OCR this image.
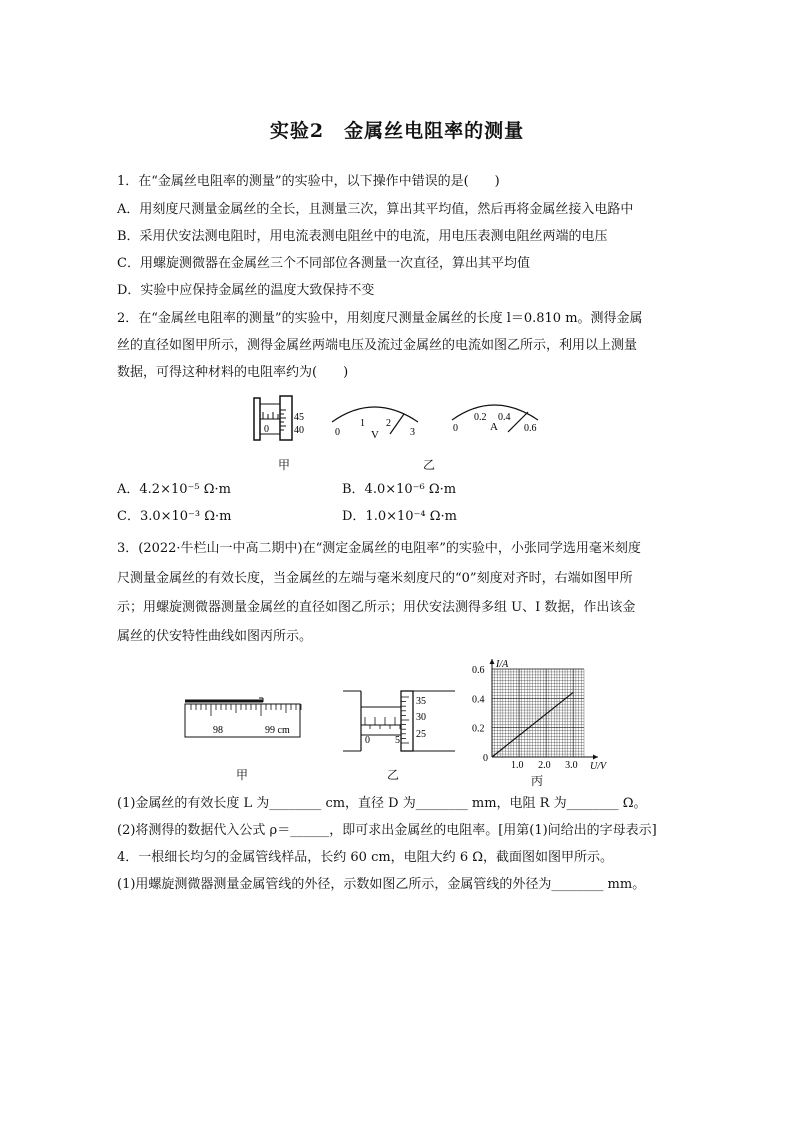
实验2　金属丝电阻率的测量
1．在“金属丝电阻率的测量”的实验中，以下操作中错误的是(　　)
A．用刻度尺测量金属丝的全长，且测量三次，算出其平均值，然后再将金属丝接入电路中
B．采用伏安法测电阻时，用电流表测电阻丝中的电流，用电压表测电阻丝两端的电压
C．用螺旋测微器在金属丝三个不同部位各测量一次直径，算出其平均值
D．实验中应保持金属丝的温度大致保持不变
2．在“金属丝电阻率的测量”的实验中，用刻度尺测量金属丝的长度 l＝0.810 m。测得金属
丝的直径如图甲所示，测得金属丝两端电压及流过金属丝的电流如图乙所示，利用以上测量
数据，可得这种材料的电阻率约为(　　)
0
45
40
甲
0
1 2
3
V
0
0.2 0.4
0.6
A
乙
A．4.2×10⁻⁵ Ω·m	B．4.0×10⁻⁶ Ω·m
C．3.0×10⁻³ Ω·m	D．1.0×10⁻⁴ Ω·m
3．(2022·牛栏山一中高二期中)在“测定金属丝的电阻率”的实验中，小张同学选用毫米刻度
尺测量金属丝的有效长度，当金属丝的左端与毫米刻度尺的“0”刻度对齐时，右端如图甲所
示；用螺旋测微器测量金属丝的直径如图乙所示；用伏安法测得多组 U、I 数据，作出该金
属丝的伏安特性曲线如图丙所示。
98	99 cm
甲
35
30
25
0	5
乙
I/A
U/V
0
0.6
0.4
0.2
1.0 2.0 3.0
丙
(1)金属丝的有效长度 L 为________ cm，直径 D 为________ mm，电阻 R 为________ Ω。
(2)将测得的数据代入公式 ρ＝______，即可求出金属丝的电阻率。[用第(1)问给出的字母表示]
4．一根细长均匀的金属管线样品，长约 60 cm，电阻大约 6 Ω，截面图如图甲所示。
(1)用螺旋测微器测量金属管线的外径，示数如图乙所示，金属管线的外径为________ mm。
